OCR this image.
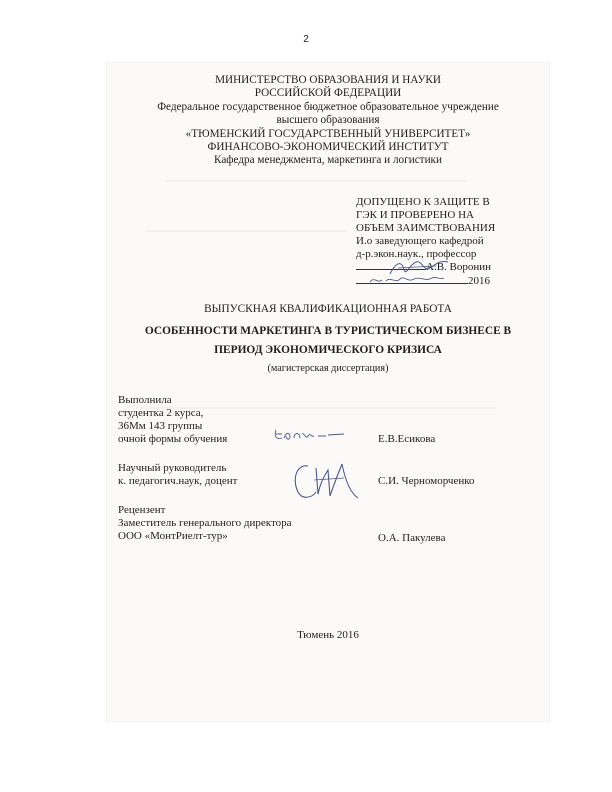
2
МИНИСТЕРСТВО ОБРАЗОВАНИЯ И НАУКИ
РОССИЙСКОЙ ФЕДЕРАЦИИ
Федеральное государственное бюджетное образовательное учреждение
высшего образования
«ТЮМЕНСКИЙ ГОСУДАРСТВЕННЫЙ УНИВЕРСИТЕТ»
ФИНАНСОВО-ЭКОНОМИЧЕСКИЙ ИНСТИТУТ
Кафедра менеджмента, маркетинга и логистики
ДОПУЩЕНО К ЗАЩИТЕ В
ГЭК И ПРОВЕРЕНО НА
ОБЪЕМ ЗАИМСТВОВАНИЯ
И.о заведующего кафедрой
д-р.экон.наук., профессор
А.В. Воронин
2016
ВЫПУСКНАЯ КВАЛИФИКАЦИОННАЯ РАБОТА
ОСОБЕННОСТИ МАРКЕТИНГА В ТУРИСТИЧЕСКОМ БИЗНЕСЕ В
ПЕРИОД ЭКОНОМИЧЕСКОГО КРИЗИСА
(магистерская диссертация)
Выполнила
студентка 2 курса,
36Мм 143 группы
очной формы обучения	Е.В.Есикова
Научный руководитель
к. педагогич.наук, доцент	С.И. Черноморченко
Рецензент
Заместитель генерального директора
ООО «МонтРиелт-тур»	О.А. Пакулева
Тюмень 2016
